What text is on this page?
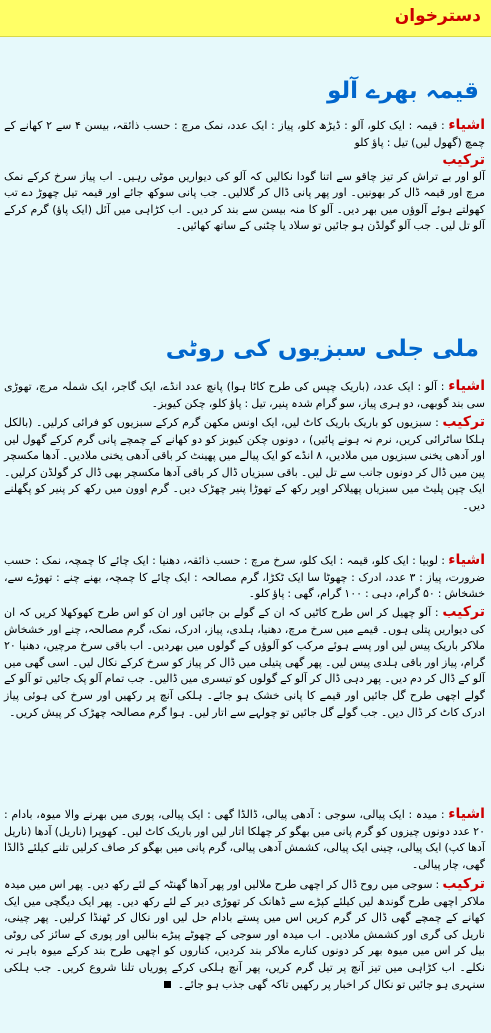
دسترخوان
قیمہ بھرے آلو
اشیاء : قیمہ : ایک کلو، آلو : ڈیڑھ کلو، پیاز : ایک عدد، نمک مرچ : حسب ذائقہ، بیسن ۴ سے ۲ کھانے کے چمچ (گھول لیں) تیل : پاؤ کلو
ترکیب
آلو اور بے تراش کر تیز چاقو سے اتنا گودا نکالیں کہ آلو کی دیواریں موٹی رہیں۔ اب پیاز سرخ کرکے نمک مرچ اور قیمہ ڈال کر بھونیں۔ اور پھر پانی ڈال کر گلالیں۔ جب پانی سوکھ جائے اور قیمہ تیل چھوڑ دے تب کھولتے ہوئے آلوؤں میں بھر دیں۔ آلو کا منہ بیسن سے بند کر دیں۔ اب کڑاہی میں آئل (ایک پاؤ) گرم کرکے آلو تل لیں۔ جب آلو گولڈن ہو جائیں تو سلاد یا چٹنی کے ساتھ کھائیں۔
ملی جلی سبزیوں کی روٹی
اشیاء : آلو : ایک عدد، (باریک چپس کی طرح کاٹا ہوا) پانچ عدد انڈے، ایک گاجر، ایک شملہ مرچ، تھوڑی سی بند گوبھی، دو ہری پیاز، سو گرام شدہ پنیر، تیل : پاؤ کلو، چکن کیوبز۔
ترکیب : سبزیوں کو باریک باریک کاٹ لیں، ایک اونس مکھن گرم کرکے سبزیوں کو فرائی کرلیں۔ (بالکل ہلکا ساٹرائی کریں، نرم نہ ہونے پائیں) ، دونوں چکن کیوبز کو دو کھانے کے چمچے پانی گرم کرکے گھول لیں اور آدھی یخنی سبزیوں میں ملادیں، ۸ انڈے کو ایک پیالے میں پھینٹ کر باقی آدھی یخنی ملادیں۔ آدھا مکسچر پین میں ڈال کر دونوں جانب سے تل لیں۔ باقی سبزیاں ڈال کر باقی آدھا مکسچر بھی ڈال کر گولڈن کرلیں۔ ایک چپن پلیٹ میں سبزیاں پھیلاکر اوپر رکھ کے تھوڑا پنیر چھڑک دیں۔ گرم اوون میں رکھ کر پنیر کو پگھلنے دیں۔
اشیاء : لوبیا : ایک کلو، قیمہ : ایک کلو، سرخ مرچ : حسب ذائقہ، دھنیا : ایک چائے کا چمچہ، نمک : حسب ضرورت، پیاز : ۳ عدد، ادرک : چھوٹا سا ایک ٹکڑا، گرم مصالحہ : ایک چائے کا چمچہ، بھنے چنے : تھوڑے سے، خشخاش : ۵۰ گرام، دہی : ۱۰۰ گرام، گھی : پاؤ کلو۔
ترکیب : آلو چھیل کر اس طرح کاٹیں کہ ان کے گولے بن جائیں اور ان کو اس طرح کھوکھلا کریں کہ ان کی دیواریں پتلی ہوں۔ قیمے میں سرخ مرچ، دھنیا، ہلدی، پیاز، ادرک، نمک، گرم مصالحہ، چنے اور خشخاش ملاکر باریک پیس لیں اور پسے ہوئے مرکب کو آلوؤں کے گولوں میں بھردیں۔ اب باقی سرخ مرچیں، دھنیا ۲۰ گرام، پیاز اور باقی ہلدی پیس لیں۔ پھر گھی پتیلی میں ڈال کر پیاز کو سرخ کرکے نکال لیں۔ اسی گھی میں آلو کے ڈال کر دم دیں۔ پھر دہی ڈال کر آلو کے گولوں کو تیسری میں ڈالیں۔ جب تمام آلو پک جائیں تو آلو کے گولے اچھی طرح گل جائیں اور قیمے کا پانی خشک ہو جائے۔ ہلکی آنچ پر رکھیں اور سرخ کی ہوئی پیاز ادرک کاٹ کر ڈال دیں۔ جب گولے گل جائیں تو چولہے سے اتار لیں۔ ہوا گرم مصالحہ چھڑک کر پیش کریں۔
اشیاء : میدہ : ایک پیالی، سوجی : آدھی پیالی، ڈالڈا گھی : ایک پیالی، پوری میں بھرنے والا میوہ، بادام : ۲۰ عدد دونوں چیزوں کو گرم پانی میں بھگو کر چھلکا اتار لیں اور باریک کاٹ لیں۔ کھوپرا (ناریل) آدھا (ناریل آدھا کپ) ایک پیالی، چینی ایک پیالی، کشمش آدھی پیالی، گرم پانی میں بھگو کر صاف کرلیں تلنے کیلئے ڈالڈا گھی، چار پیالی۔
ترکیب : سوجی میں روح ڈال کر اچھی طرح ملالیں اور پھر آدھا گھنٹہ کے لئے رکھ دیں۔ پھر اس میں میدہ ملاکر اچھی طرح گوندھ لیں کیلئے کپڑے سے ڈھانک کر تھوڑی دیر کے لئے رکھ دیں۔ پھر ایک دیگچی میں ایک کھانے کے چمچے گھی ڈال کر گرم کریں اس میں پستے بادام حل لیں اور نکال کر ٹھنڈا کرلیں۔ پھر چینی، ناریل کی گری اور کشمش ملادیں۔ اب میدہ اور سوجی کے چھوٹے پیڑے بنالیں اور پوری کے سائز کی روٹی بیل کر اس میں میوہ بھر کر دونوں کنارے ملاکر بند کردیں، کناروں کو اچھی طرح بند کرکے میوہ باہر نہ نکلے۔ اب کڑاہی میں تیز آنچ پر تیل گرم کریں، پھر آنچ ہلکی کرکے پوریاں تلنا شروع کریں۔ جب ہلکی سنہری ہو جائیں تو نکال کر اخبار پر رکھیں تاکہ گھی جذب ہو جائے۔
